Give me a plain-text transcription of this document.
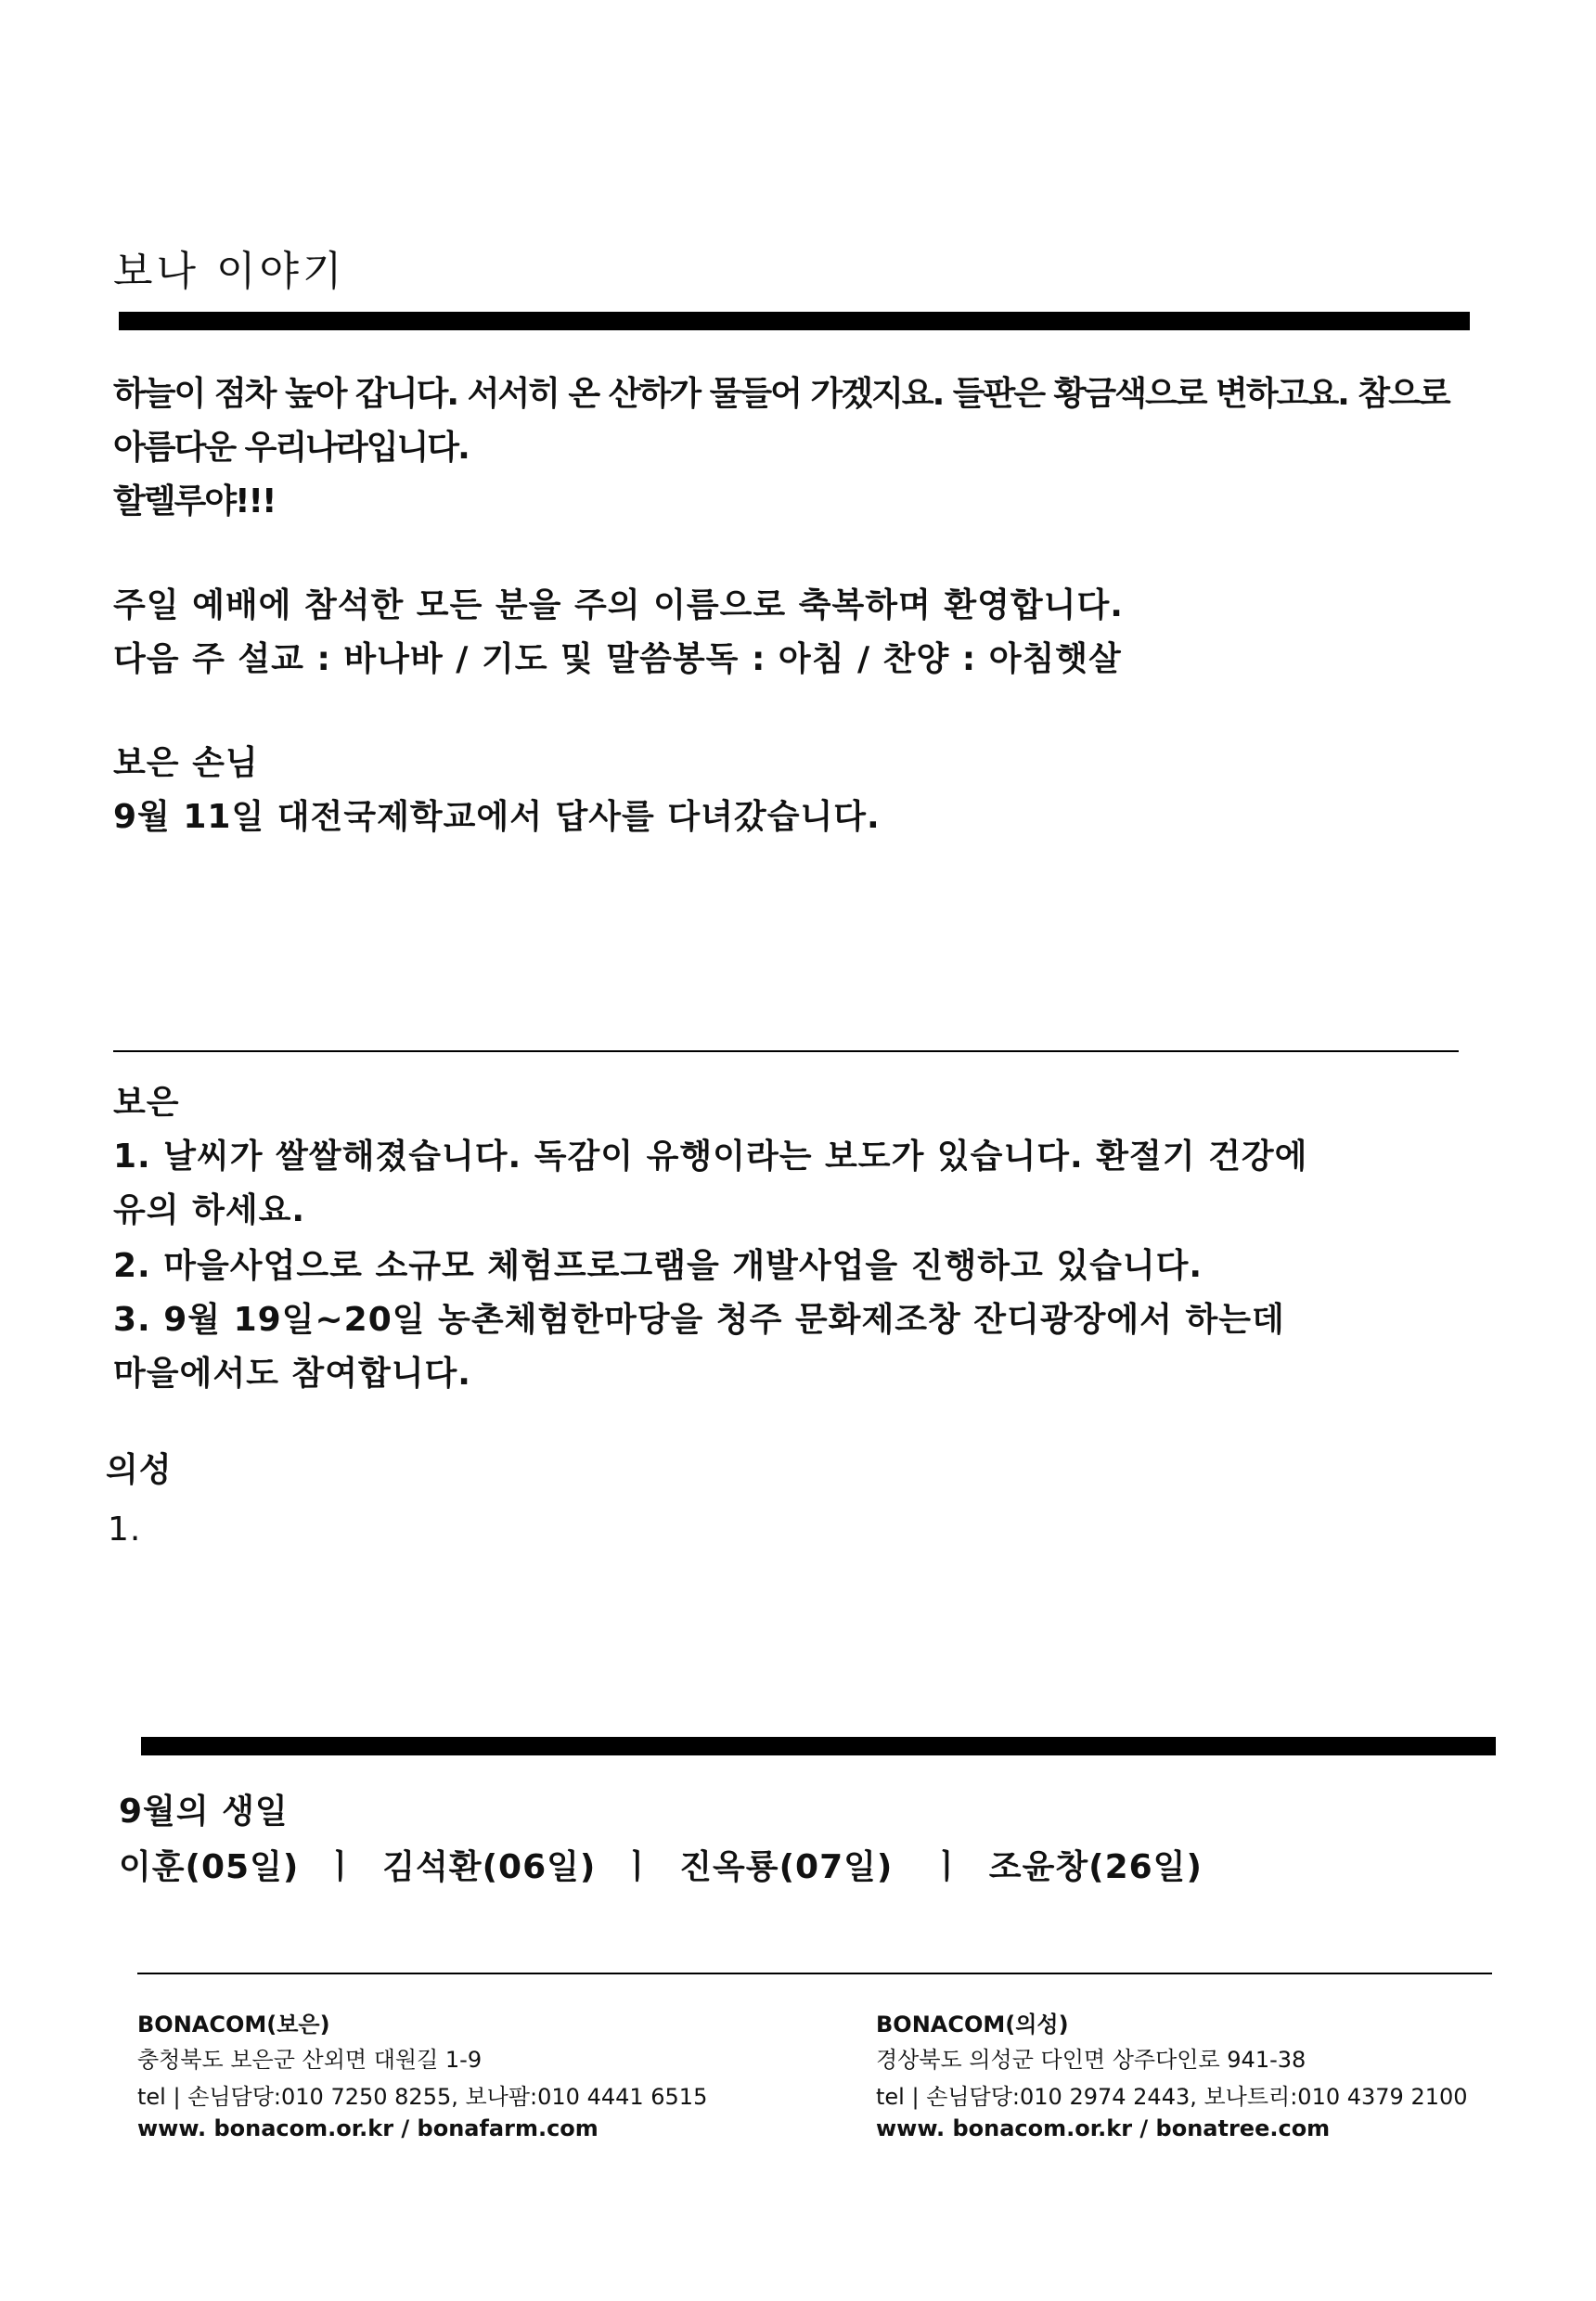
보나 이야기
하늘이 점차 높아 갑니다. 서서히 온 산하가 물들어 가겠지요. 들판은 황금색으로 변하고요. 참으로
아름다운 우리나라입니다.
할렐루야!!!
주일 예배에 참석한 모든 분을 주의 이름으로 축복하며 환영합니다.
다음 주 설교 : 바나바 / 기도 및 말씀봉독 : 아침 / 찬양 : 아침햇살
보은 손님
9월 11일 대전국제학교에서 답사를 다녀갔습니다.
보은
1. 날씨가 쌀쌀해졌습니다. 독감이 유행이라는 보도가 있습니다. 환절기 건강에
유의 하세요.
2. 마을사업으로 소규모 체험프로그램을 개발사업을 진행하고 있습니다.
3. 9월 19일~20일 농촌체험한마당을 청주 문화제조창 잔디광장에서 하는데
마을에서도 참여합니다.
의성
1.
9월의 생일
이훈(05일)  ㅣ  김석환(06일)  ㅣ  진옥룡(07일)   ㅣ  조윤창(26일)
BONACOM(보은)
충청북도 보은군 산외면 대원길 1-9
tel | 손님담당:010 7250 8255, 보나팜:010 4441 6515
www. bonacom.or.kr / bonafarm.com
BONACOM(의성)
경상북도 의성군 다인면 상주다인로 941-38
tel | 손님담당:010 2974 2443, 보나트리:010 4379 2100
www. bonacom.or.kr / bonatree.com
